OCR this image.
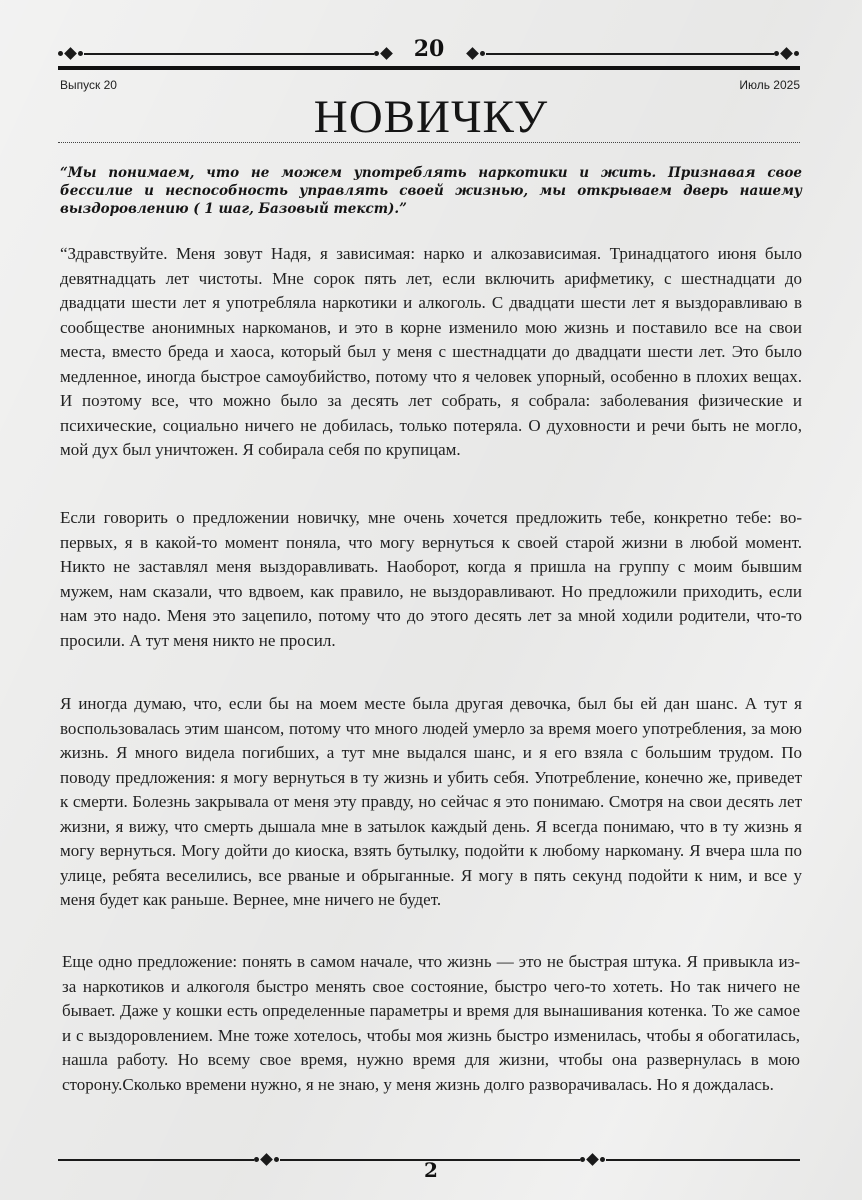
20
Выпуск 20	Июль 2025
НОВИЧКУ
“Мы понимаем, что не можем употреблять наркотики и жить. Признавая свое бессилие и неспособность управлять своей жизнью, мы открываем дверь нашему выздоровлению ( 1 шаг, Базовый текст).”

“Здравствуйте. Меня зовут Надя, я зависимая: нарко и алкозависимая. Тринадцатого июня было девятнадцать лет чистоты. Мне сорок пять лет, если включить арифметику, с шестнадцати до двадцати шести лет я употребляла наркотики и алкоголь. С двадцати шести лет я выздоравливаю в сообществе анонимных наркоманов, и это в корне изменило мою жизнь и поставило все на свои места, вместо бреда и хаоса, который был у меня с шестнадцати до двадцати шести лет. Это было медленное, иногда быстрое самоубийство, потому что я человек упорный, особенно в плохих вещах. И поэтому все, что можно было за десять лет собрать, я собрала: заболевания физические и психические, социально ничего не добилась, только потеряла. О духовности и речи быть не могло, мой дух был уничтожен. Я собирала себя по крупицам.

Если говорить о предложении новичку, мне очень хочется предложить тебе, конкретно тебе: во-первых, я в какой-то момент поняла, что могу вернуться к своей старой жизни в любой момент. Никто не заставлял меня выздоравливать. Наоборот, когда я пришла на группу с моим бывшим мужем, нам сказали, что вдвоем, как правило, не выздоравливают. Но предложили приходить, если нам это надо. Меня это зацепило, потому что до этого десять лет за мной ходили родители, что-то просили. А тут меня никто не просил.

Я иногда думаю, что, если бы на моем месте была другая девочка, был бы ей дан шанс. А тут я воспользовалась этим шансом, потому что много людей умерло за время моего употребления, за мою жизнь. Я много видела погибших, а тут мне выдался шанс, и я его взяла с большим трудом. По поводу предложения: я могу вернуться в ту жизнь и убить себя. Употребление, конечно же, приведет к смерти. Болезнь закрывала от меня эту правду, но сейчас я это понимаю. Смотря на свои десять лет жизни, я вижу, что смерть дышала мне в затылок каждый день. Я всегда понимаю, что в ту жизнь я могу вернуться. Могу дойти до киоска, взять бутылку, подойти к любому наркоману. Я вчера шла по улице, ребята веселились, все рваные и обрыганные. Я могу в пять секунд подойти к ним, и все у меня будет как раньше. Вернее, мне ничего не будет.

Еще одно предложение: понять в самом начале, что жизнь — это не быстрая штука. Я привыкла из-за наркотиков и алкоголя быстро менять свое состояние, быстро чего-то хотеть. Но так ничего не бывает. Даже у кошки есть определенные параметры и время для вынашивания котенка. То же самое и с выздоровлением. Мне тоже хотелось, чтобы моя жизнь быстро изменилась, чтобы я обогатилась, нашла работу. Но всему свое время, нужно время для жизни, чтобы она развернулась в мою сторону.Сколько времени нужно, я не знаю, у меня жизнь долго разворачивалась. Но я дождалась.

2
